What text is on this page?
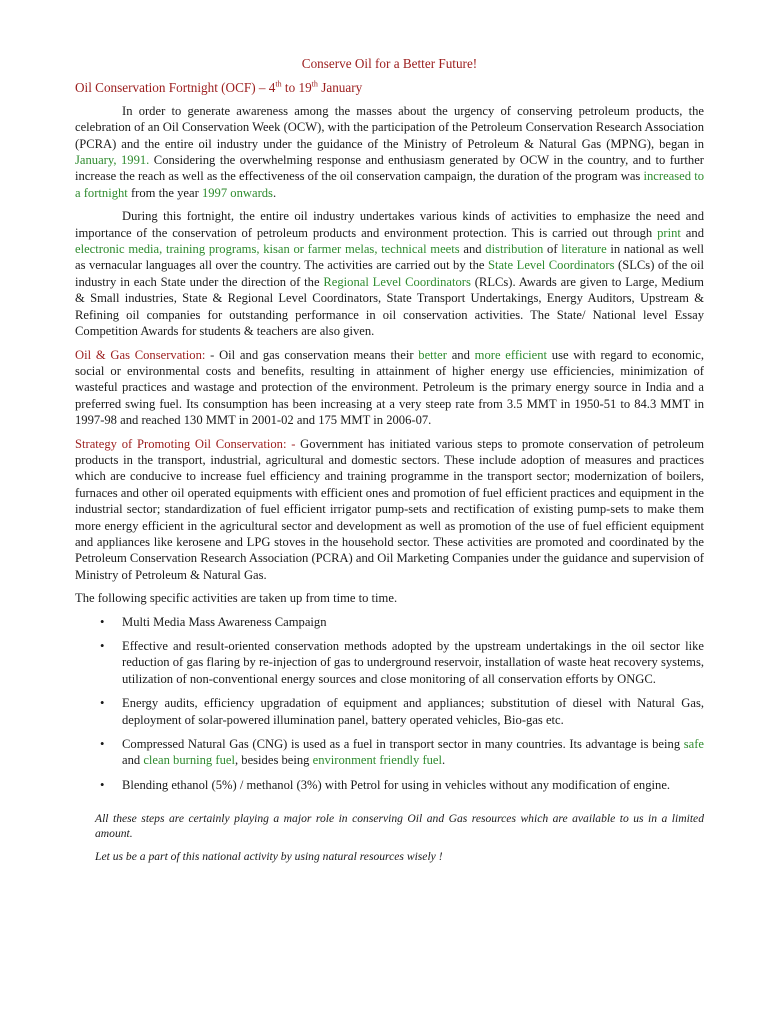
Conserve Oil for a Better Future!
Oil Conservation Fortnight (OCF) – 4th to 19th January

In order to generate awareness among the masses about the urgency of conserving petroleum products, the celebration of an Oil Conservation Week (OCW), with the participation of the Petroleum Conservation Research Association (PCRA) and the entire oil industry under the guidance of the Ministry of Petroleum & Natural Gas (MPNG), began in January, 1991. Considering the overwhelming response and enthusiasm generated by OCW in the country, and to further increase the reach as well as the effectiveness of the oil conservation campaign, the duration of the program was increased to a fortnight from the year 1997 onwards.

During this fortnight, the entire oil industry undertakes various kinds of activities to emphasize the need and importance of the conservation of petroleum products and environment protection. This is carried out through print and electronic media, training programs, kisan or farmer melas, technical meets and distribution of literature in national as well as vernacular languages all over the country. The activities are carried out by the State Level Coordinators (SLCs) of the oil industry in each State under the direction of the Regional Level Coordinators (RLCs). Awards are given to Large, Medium & Small industries, State & Regional Level Coordinators, State Transport Undertakings, Energy Auditors, Upstream & Refining oil companies for outstanding performance in oil conservation activities. The State/ National level Essay Competition Awards for students & teachers are also given.

Oil & Gas Conservation: - Oil and gas conservation means their better and more efficient use with regard to economic, social or environmental costs and benefits, resulting in attainment of higher energy use efficiencies, minimization of wasteful practices and wastage and protection of the environment. Petroleum is the primary energy source in India and a preferred swing fuel. Its consumption has been increasing at a very steep rate from 3.5 MMT in 1950-51 to 84.3 MMT in 1997-98 and reached 130 MMT in 2001-02 and 175 MMT in 2006-07.

Strategy of Promoting Oil Conservation: - Government has initiated various steps to promote conservation of petroleum products in the transport, industrial, agricultural and domestic sectors. These include adoption of measures and practices which are conducive to increase fuel efficiency and training programme in the transport sector; modernization of boilers, furnaces and other oil operated equipments with efficient ones and promotion of fuel efficient practices and equipment in the industrial sector; standardization of fuel efficient irrigator pump-sets and rectification of existing pump-sets to make them more energy efficient in the agricultural sector and development as well as promotion of the use of fuel efficient equipment and appliances like kerosene and LPG stoves in the household sector. These activities are promoted and coordinated by the Petroleum Conservation Research Association (PCRA) and Oil Marketing Companies under the guidance and supervision of Ministry of Petroleum & Natural Gas.

The following specific activities are taken up from time to time.

• Multi Media Mass Awareness Campaign
• Effective and result-oriented conservation methods adopted by the upstream undertakings in the oil sector like reduction of gas flaring by re-injection of gas to underground reservoir, installation of waste heat recovery systems, utilization of non-conventional energy sources and close monitoring of all conservation efforts by ONGC.
• Energy audits, efficiency upgradation of equipment and appliances; substitution of diesel with Natural Gas, deployment of solar-powered illumination panel, battery operated vehicles, Bio-gas etc.
• Compressed Natural Gas (CNG) is used as a fuel in transport sector in many countries. Its advantage is being safe and clean burning fuel, besides being environment friendly fuel.
• Blending ethanol (5%) / methanol (3%) with Petrol for using in vehicles without any modification of engine.

All these steps are certainly playing a major role in conserving Oil and Gas resources which are available to us in a limited amount.

Let us be a part of this national activity by using natural resources wisely !
